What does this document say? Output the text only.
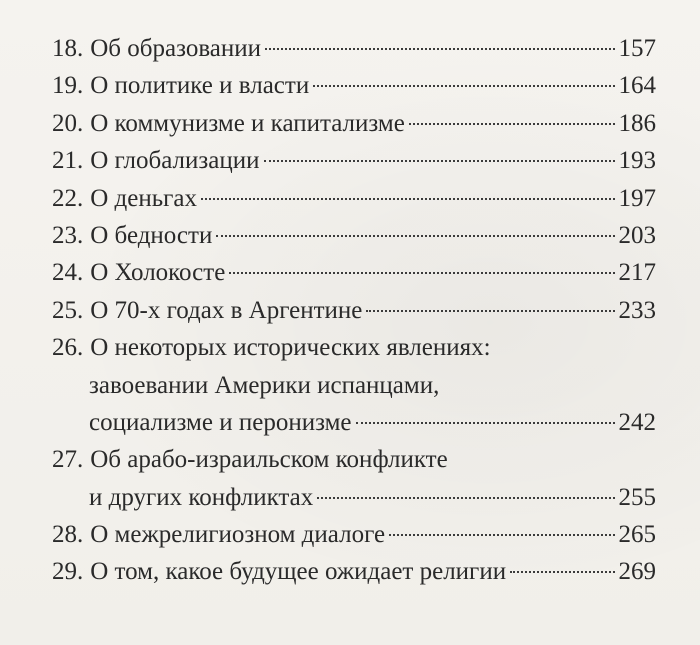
18. Об образовании	157
19. О политике и власти	164
20. О коммунизме и капитализме	186
21. О глобализации	193
22. О деньгах	197
23. О бедности	203
24. О Холокосте	217
25. О 70-х годах в Аргентине	233
26. О некоторых исторических явлениях:
завоевании Америки испанцами,
социализме и перонизме	242
27. Об арабо-израильском конфликте
и других конфликтах	255
28. О межрелигиозном диалоге	265
29. О том, какое будущее ожидает религии	269
